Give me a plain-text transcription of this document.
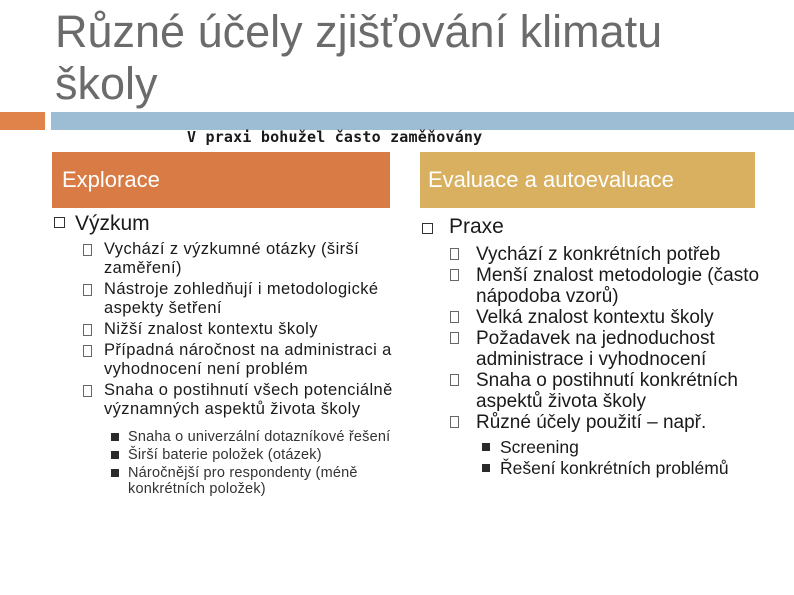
Různé účely zjišťování klimatu školy
V praxi bohužel často zaměňovány
Explorace	Evaluace a autoevaluace
Výzkum
Vychází z výzkumné otázky (širší zaměření)
Nástroje zohledňují i metodologické aspekty šetření
Nižší znalost kontextu školy
Případná náročnost na administraci a vyhodnocení není problém
Snaha o postihnutí všech potenciálně významných aspektů života školy
Snaha o univerzální dotazníkové řešení
Širší baterie položek (otázek)
Náročnější pro respondenty (méně konkrétních položek)
Praxe
Vychází z konkrétních potřeb
Menší znalost metodologie (často nápodoba vzorů)
Velká znalost kontextu školy
Požadavek na jednoduchost administrace i vyhodnocení
Snaha o postihnutí konkrétních aspektů života školy
Různé účely použití – např.
Screening
Řešení konkrétních problémů
